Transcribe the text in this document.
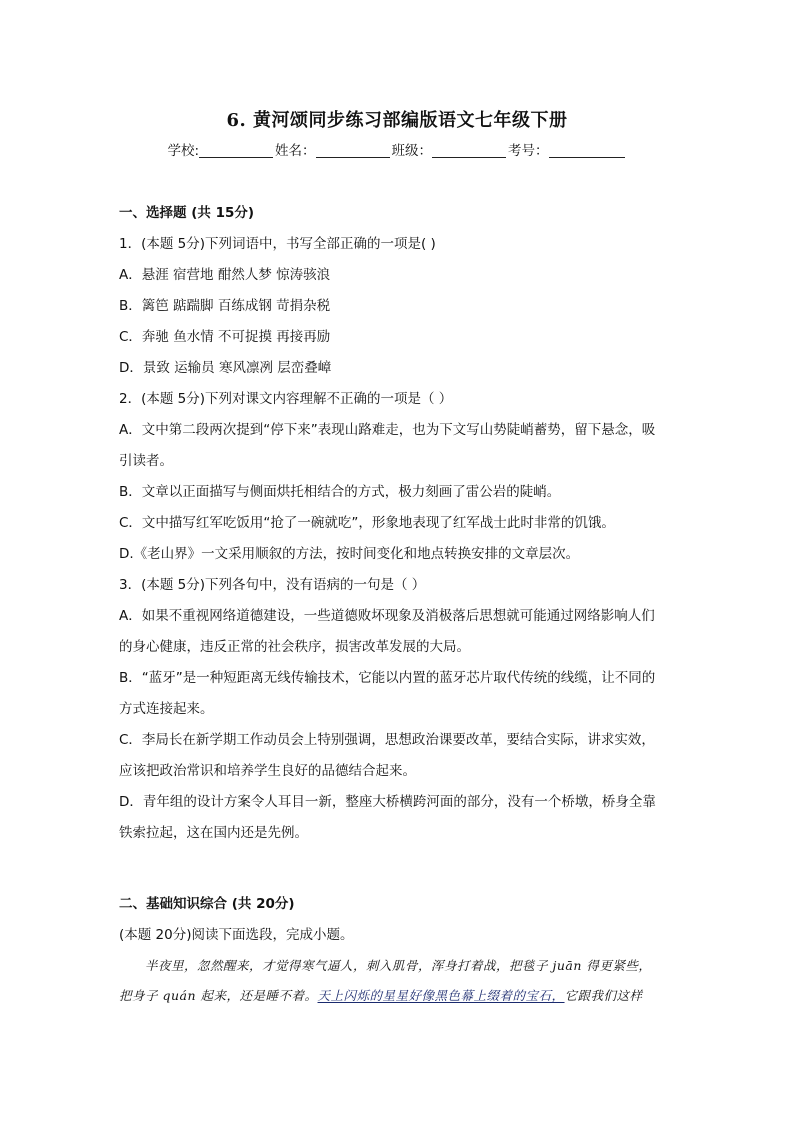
6. 黄河颂同步练习部编版语文七年级下册
学校:	姓名：	班级：	考号：
一、选择题 (共 15分)
1．(本题 5分)下列词语中，书写全部正确的一项是( )
A．悬涯 宿营地 酣然人梦 惊涛骇浪
B．篱笆 踮踹脚 百练成钢 苛捐杂税
C．奔驰 鱼水情 不可捉摸 再接再励
D．景致 运输员 寒风凛冽 层峦叠嶂
2．(本题 5分)下列对课文内容理解不正确的一项是（ ）
A．文中第二段两次提到“停下来”表现山路难走，也为下文写山势陡峭蓄势，留下悬念，吸
引读者。
B．文章以正面描写与侧面烘托相结合的方式，极力刻画了雷公岩的陡峭。
C．文中描写红军吃饭用“抢了一碗就吃”，形象地表现了红军战士此时非常的饥饿。
D.《老山界》一文采用顺叙的方法，按时间变化和地点转换安排的文章层次。
3．(本题 5分)下列各句中，没有语病的一句是（ ）
A．如果不重视网络道德建设，一些道德败坏现象及消极落后思想就可能通过网络影响人们
的身心健康，违反正常的社会秩序，损害改革发展的大局。
B．“蓝牙”是一种短距离无线传输技术，它能以内置的蓝牙芯片取代传统的线缆，让不同的
方式连接起来。
C．李局长在新学期工作动员会上特别强调，思想政治课要改革，要结合实际，讲求实效，
应该把政治常识和培养学生良好的品德结合起来。
D．青年组的设计方案令人耳目一新，整座大桥横跨河面的部分，没有一个桥墩，桥身全靠
铁索拉起，这在国内还是先例。
二、基础知识综合 (共 20分)
(本题 20分)阅读下面选段，完成小题。
半夜里，忽然醒来，才觉得寒气逼人，刺入肌骨，浑身打着战，把毯子 juān 得更紧些，
把身子 quán 起来，还是睡不着。天上闪烁的星星好像黑色幕上缀着的宝石，它跟我们这样
